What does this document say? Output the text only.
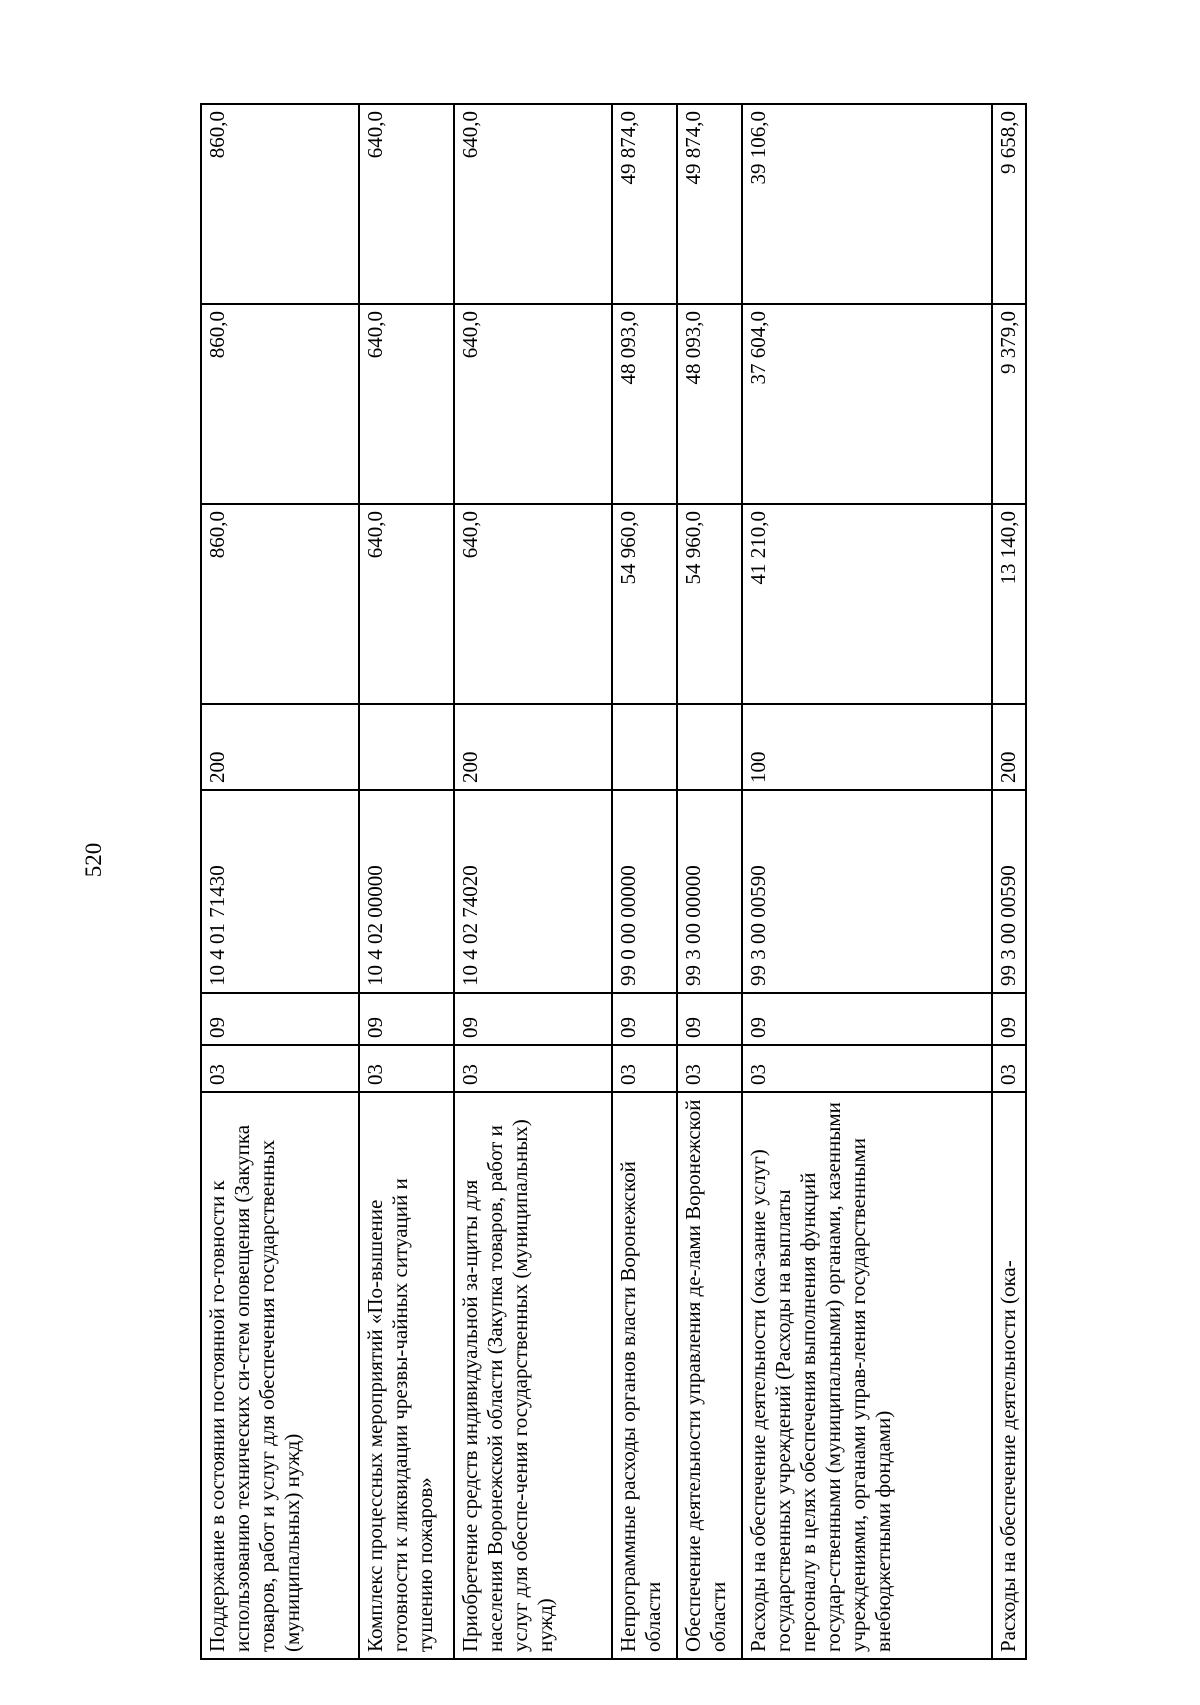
520
Поддержание в состоянии постоянной го-товности к использованию технических си-стем оповещения (Закупка товаров, работ и услуг для обеспечения государственных (муниципальных) нужд)	03	09	10 4 01 71430	200	860,0	860,0	860,0
Комплекс процессных мероприятий «По-вышение готовности к ликвидации чрезвы-чайных ситуаций и тушению пожаров»	03	09	10 4 02 00000		640,0	640,0	640,0
Приобретение средств индивидуальной за-щиты для населения Воронежской области (Закупка товаров, работ и услуг для обеспе-чения государственных (муниципальных) нужд)	03	09	10 4 02 74020	200	640,0	640,0	640,0
Непрограммные расходы органов власти Воронежской области	03	09	99 0 00 00000		54 960,0	48 093,0	49 874,0
Обеспечение деятельности управления де-лами Воронежской области	03	09	99 3 00 00000		54 960,0	48 093,0	49 874,0
Расходы на обеспечение деятельности (ока-зание услуг) государственных учреждений (Расходы на выплаты персоналу в целях обеспечения выполнения функций государ-ственными (муниципальными) органами, казенными учреждениями, органами управ-ления государственными внебюджетными фондами)	03	09	99 3 00 00590	100	41 210,0	37 604,0	39 106,0
Расходы на обеспечение деятельности (ока-	03	09	99 3 00 00590	200	13 140,0	9 379,0	9 658,0
